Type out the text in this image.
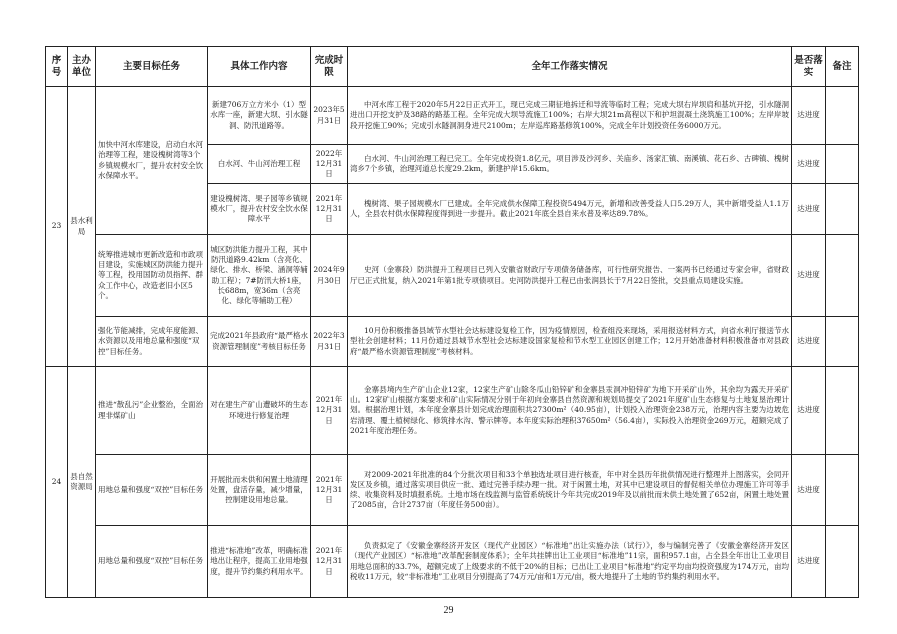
序号	主办单位	主要目标任务	具体工作内容	完成时限	全年工作落实情况	是否落实	备注
23	县水利局	加快中河水库建设，启动白水河治理等工程，建设槐树湾等3个乡镇规模水厂，提升农村安全饮水保障水平。	新建706万立方米小（1）型水库一座，新建大坝、引水隧洞、防汛道路等。	2023年5月31日	中河水库工程于2020年5月22日正式开工，现已完成三期征地拆迁和导流等临时工程；完成大坝右岸坝肩和基坑开挖，引水隧洞进出口开挖支护及38路的路基工程。全年完成大坝导流施工100%；右岸大坝21m高程以下和护坦混凝土浇筑施工100%；左岸岸坡段开挖施工90%；完成引水隧洞洞身进尺2100m；左岸巡库路基修筑100%，完成全年计划投资任务6000万元。	达进度	
			白水河、牛山河治理工程	2022年12月31日	白水河、牛山河治理工程已完工。全年完成投资1.8亿元，项目涉及沙河乡、关庙乡、汤家汇镇、南溪镇、花石乡、古碑镇、槐树湾乡7个乡镇，治理河道总长度29.2km，新建护岸15.6km。	达进度	
			建设槐树湾、果子园等乡镇规模水厂，提升农村安全饮水保障水平	2021年12月31日	槐树湾、果子园规模水厂已建成。全年完成供水保障工程投资5494万元，新增和改善受益人口5.29万人，其中新增受益人1.1万人，全县农村供水保障程度得到进一步提升。截止2021年底全县自来水普及率达89.78%。	达进度	
		统筹推进城市更新改造和市政项目建设，实施城区防洪能力提升等工程，投用国防动员指挥、群众工作中心，改造老旧小区5个。	城区防洪能力提升工程，其中防汛道路9.42km（含亮化、绿化、排水、桥梁、涵洞等辅助工程）；7#防汛大桥1座，长688m，宽36m（含亮化、绿化等辅助工程）	2024年9月30日	史河（金寨段）防洪提升工程项目已列入安徽省财政厅专项债务储备库，可行性研究报告、一案两书已经通过专家会审，省财政厅已正式批复，纳入2021年第1批专项债项目。史河防洪提升工程已由张润县长于7月22日签批，交县重点局建设实施。	达进度	
		强化节能减排，完成年度能源、水资源以及用地总量和强度“双控”目标任务。	完成2021年县政府“最严格水资源管理制度”考核目标任务	2022年3月31日	10月份积极推备县域节水型社会达标建设复检工作，因为疫情原因，检查组没来现场，采用报送材料方式，向省水利厅报送节水型社会创建材料；11月份通过县城节水型社会达标建设国家复检和节水型工业园区创建工作；12月开始准备材料积极准备市对县政府“最严格水资源管理制度”考核材料。	达进度	
24	县自然资源局	推进“散乱污”企业整治，全面治理非煤矿山	对在建生产矿山遭破坏的生态环境进行修复治理	2021年12月31日	金寨县境内生产矿山企业12家，12家生产矿山除冬瓜山铅锌矿和金寨县汞洞冲铅锌矿为地下开采矿山外，其余均为露天开采矿山。12家矿山根据方案要求和矿山实际情况分别于年初向金寨县自然资源和规划局提交了2021年度矿山生态修复与土地复垦治理计划。根据治理计划，本年度金寨县计划完成治理面积共27300m²（40.95亩），计划投入治理资金238万元，治理内容主要为边坡危岩清理、覆土植树绿化、修筑排水沟、警示牌等。本年度实际治理积37650m²（56.4亩），实际投入治理资金269万元，超额完成了2021年度治理任务。	达进度	
		用地总量和强度“双控”目标任务	开展批而未供和闲置土地清理处置，盘活存量，减少增量，控制建设用地总量。	2021年12月31日	对2009-2021年批准的84个分批次项目和33个单独选址项目进行核查，年中对全县历年批供情况进行整理并上图落实，会同开发区及乡镇，通过落实项目供应一批、通过完善手续办理一批。对于闲置土地，对其中已建设项目的督促相关单位办理施工许可等手续、收集资料及时填报系统。土地市场在线监测与监管系统统计今年共完成2019年及以前批而未供土地处置了652亩，闲置土地处置了2085亩，合计2737亩（年度任务500亩）。	达进度	
		用地总量和强度“双控”目标任务	推进“标准地”改革，明确标准地出让程序，提高工业用地强度，提升节约集约利用水平。	2021年12月31日	负责拟定了《安徽金寨经济开发区（现代产业园区）“标准地”出让实施办法（试行）》，参与编制完善了《安徽金寨经济开发区（现代产业园区）“标准地”改革配套制度体系》；全年共挂牌出让工业项目“标准地”11宗，面积957.1亩，占全县全年出让工业项目用地总面积的33.7%，超额完成了上级要求的不低于20%的目标；已出让工业项目“标准地”约定平均亩均投资强度为174万元，亩均税收11万元，较“非标准地”工业项目分别提高了74万元/亩和1万元/亩，极大地提升了土地的节约集约利用水平。	达进度	
29
